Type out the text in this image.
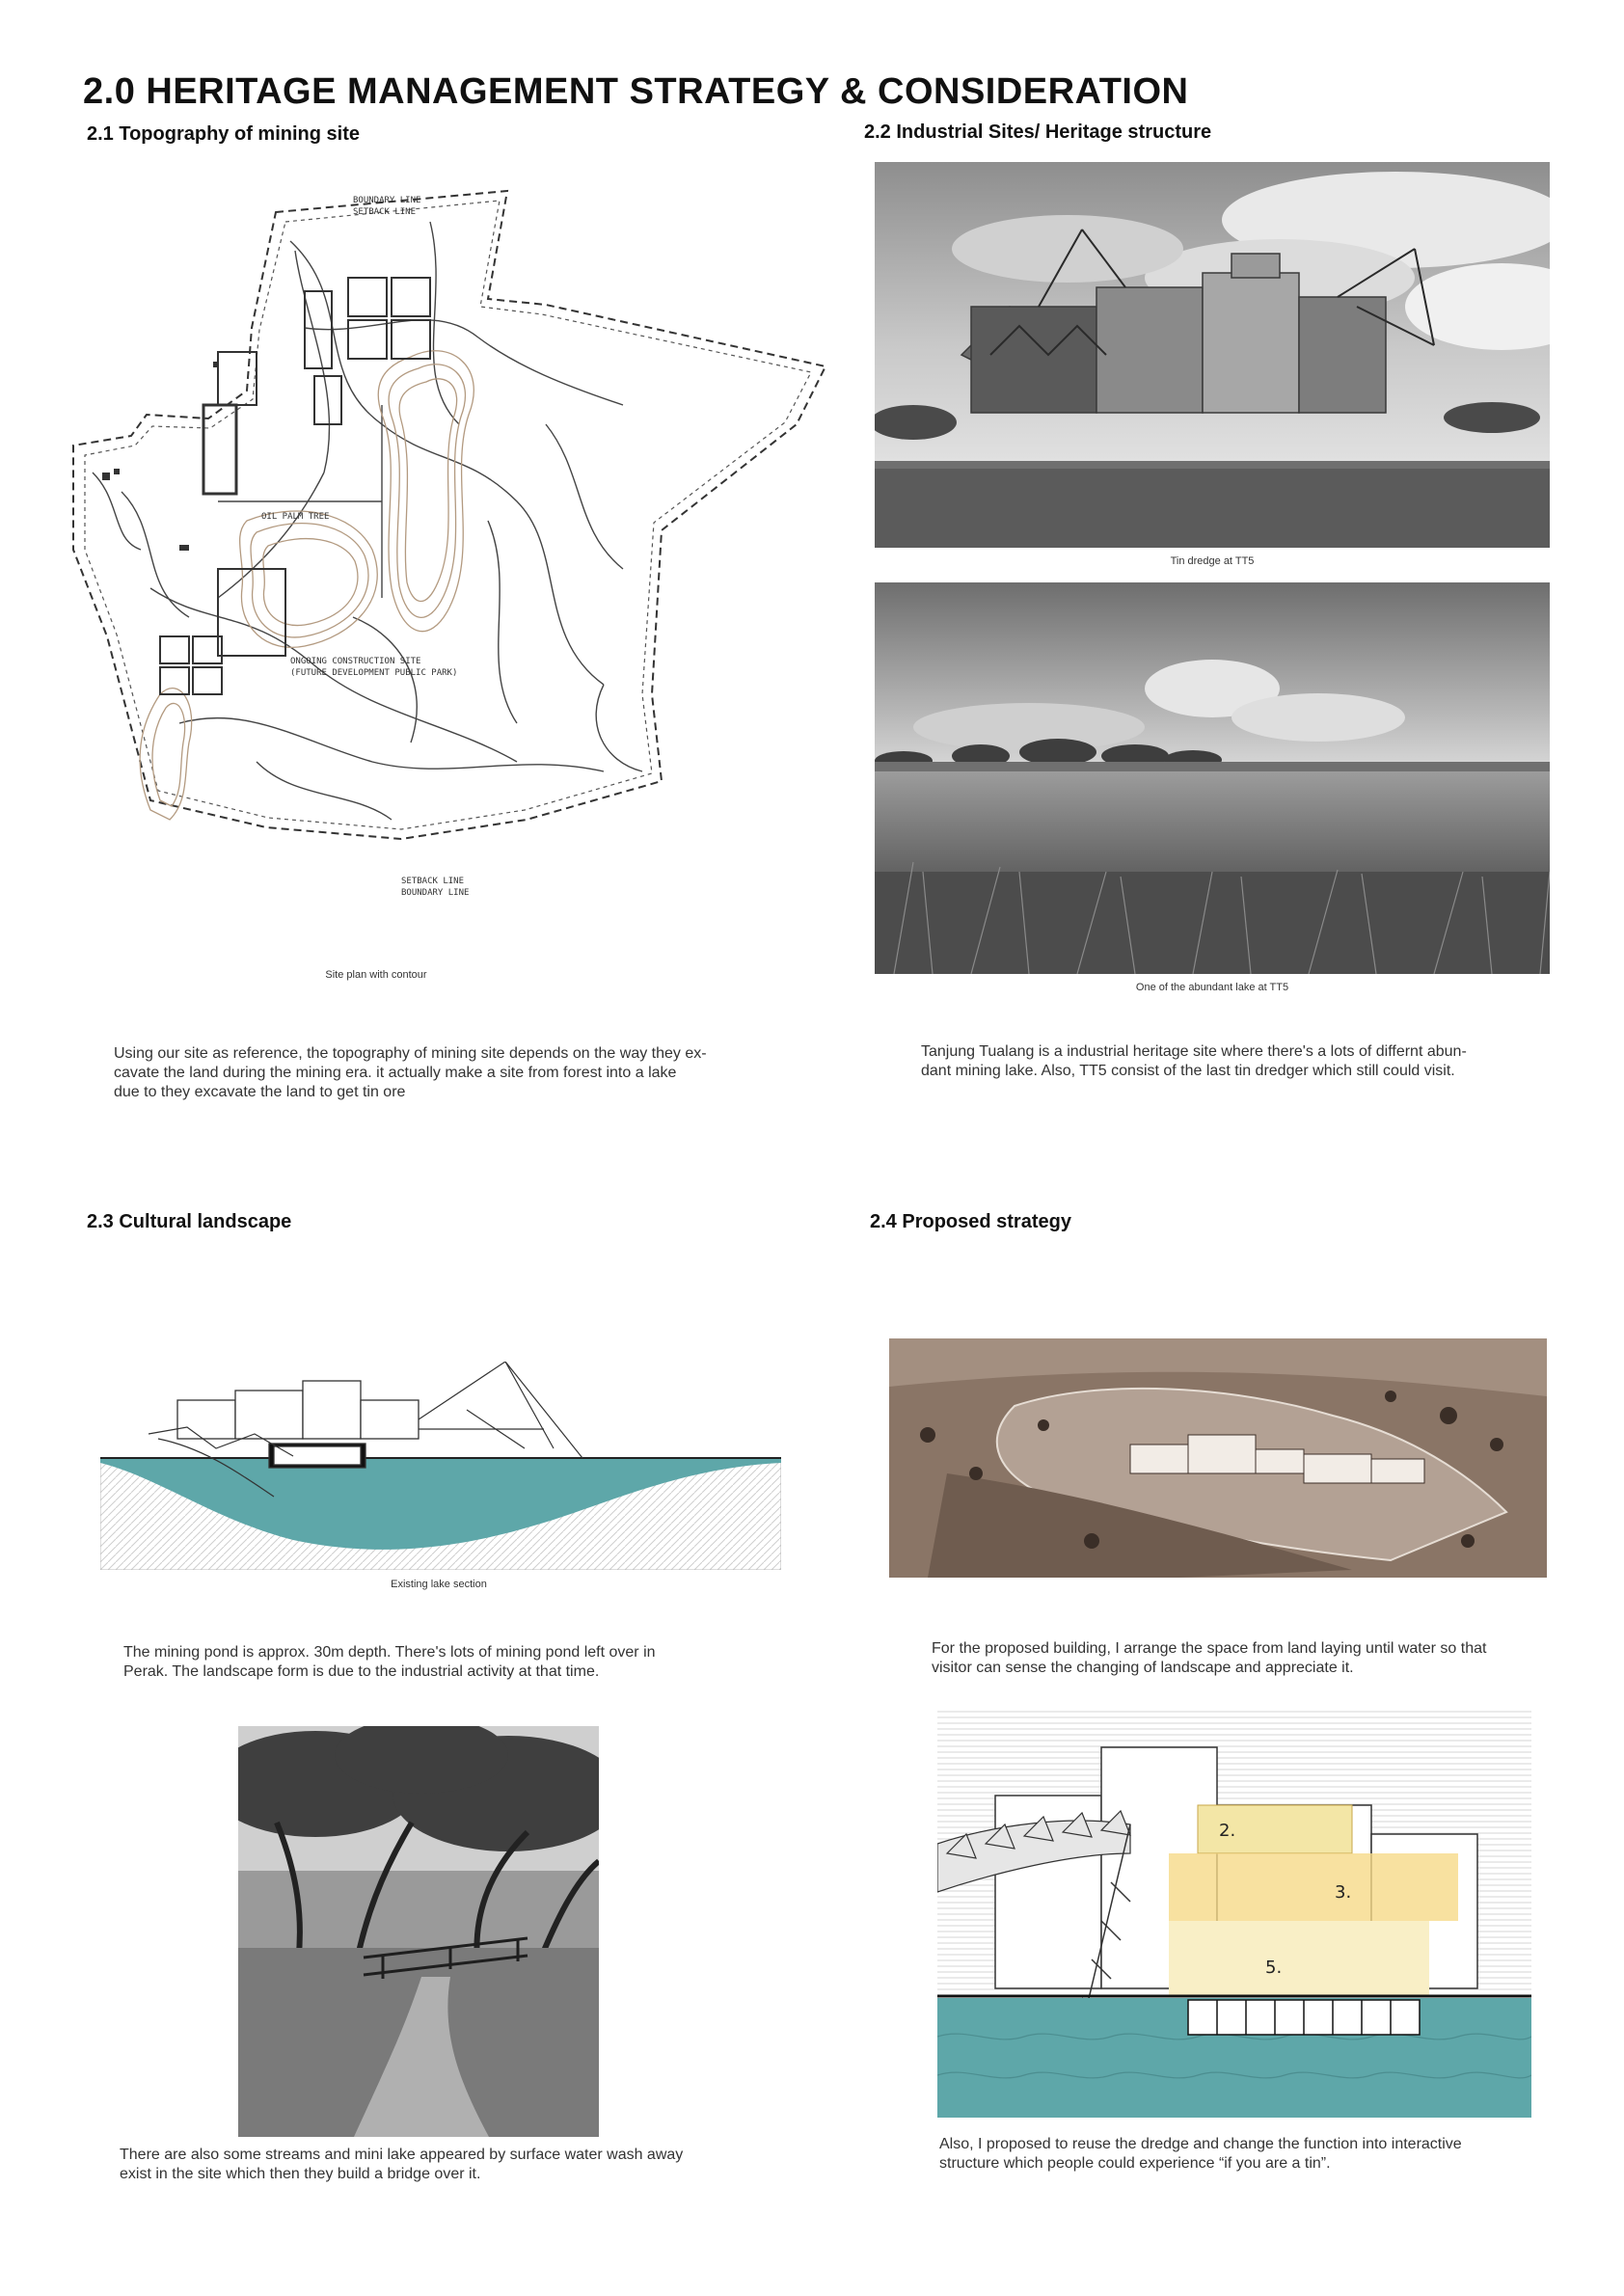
2.0 HERITAGE MANAGEMENT STRATEGY & CONSIDERATION
2.1 Topography of mining site
BOUNDARY LINE
SETBACK LINE
OIL PALM TREE
ONGOING CONSTRUCTION SITE
(FUTURE DEVELOPMENT PUBLIC PARK)
SETBACK LINE
BOUNDARY LINE

Site plan with contour

Using our site as reference, the topography of mining site depends on the way they ex-

cavate the land during the mining era. it actually make a site from forest into a lake

due to they excavate the land to get tin ore

2.2 Industrial Sites/ Heritage structure

Tin dredge at TT5

One of the abundant lake at TT5

Tanjung Tualang is a industrial heritage site where there's a lots of differnt abun-

dant mining lake. Also, TT5 consist of the last tin dredger which still could visit.

2.3 Cultural landscape

Existing lake section

The mining pond is approx. 30m depth. There's lots of mining pond left over in

Perak. The landscape form is due to the industrial activity at that time.

There are also some streams and mini lake appeared by surface water wash away

exist in the site which then they build a bridge over it.

2.4 Proposed strategy

For the proposed building, I arrange the space from land laying until water so that

visitor can sense the changing of landscape and appreciate it.

2.
3.
5.

Also, I proposed to reuse the dredge and change the function into interactive

structure which people could experience “if you are a tin”.
